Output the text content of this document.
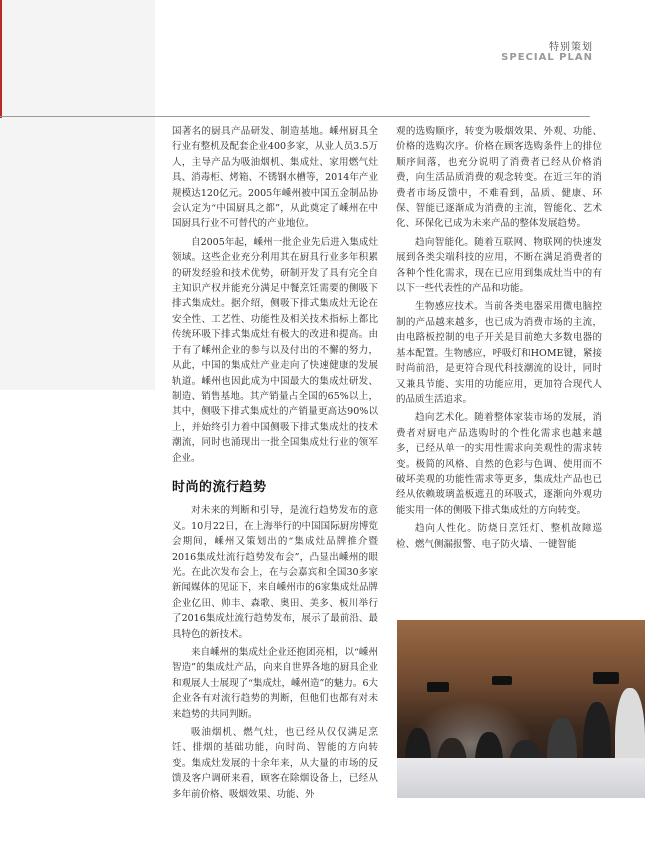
特别策划
SPECIAL PLAN

国著名的厨具产品研发、制造基地。嵊州厨具全行业有整机及配套企业400多家，从业人员3.5万人，主导产品为吸油烟机、集成灶、家用燃气灶具、消毒柜、烤箱、不锈钢水槽等，2014年产业规模达120亿元。2005年嵊州被中国五金制品协会认定为“中国厨具之都”，从此奠定了嵊州在中国厨具行业不可替代的产业地位。

自2005年起，嵊州一批企业先后进入集成灶领域。这些企业充分利用其在厨具行业多年积累的研发经验和技术优势，研制开发了具有完全自主知识产权并能充分满足中餐烹饪需要的侧吸下排式集成灶。据介绍，侧吸下排式集成灶无论在安全性、工艺性、功能性及相关技术指标上都比传统环吸下排式集成灶有极大的改进和提高。由于有了嵊州企业的参与以及付出的不懈的努力，从此，中国的集成灶产业走向了快速健康的发展轨道。嵊州也因此成为中国最大的集成灶研发、制造、销售基地。其产销量占全国的65%以上，其中，侧吸下排式集成灶的产销量更高达90%以上，并始终引力着中国侧吸下排式集成灶的技术潮流，同时也涌现出一批全国集成灶行业的领军企业。

时尚的流行趋势

对未来的判断和引导，是流行趋势发布的意义。10月22日，在上海举行的中国国际厨房博览会期间，嵊州又策划出的“集成灶品牌推介暨2016集成灶流行趋势发布会”，凸显出嵊州的眼光。在此次发布会上，在与会嘉宾和全国30多家新闻媒体的见证下，来自嵊州市的6家集成灶品牌企业亿田、帅丰、森歌、奥田、美多、板川举行了2016集成灶流行趋势发布，展示了最前沿、最具特色的新技术。

来自嵊州的集成灶企业还抱团亮相，以“嵊州智造”的集成灶产品，向来自世界各地的厨具企业和观展人士展现了“集成灶，嵊州造”的魅力。6大企业各有对流行趋势的判断，但他们也都有对未来趋势的共同判断。

吸油烟机、燃气灶，也已经从仅仅满足烹饪、排烟的基础功能，向时尚、智能的方向转变。集成灶发展的十余年来，从大量的市场的反馈及客户调研来看，顾客在除烟设备上，已经从多年前价格、吸烟效果、功能、外

观的选购顺序，转变为吸烟效果、外观、功能、价格的选购次序。价格在顾客选购条件上的排位顺序间落，也充分说明了消费者已经从价格消费，向生活品质消费的观念转变。在近三年的消费者市场反馈中，不难看到，品质、健康、环保、智能已逐渐成为消费的主流，智能化、艺术化、环保化已成为未来产品的整体发展趋势。

趋向智能化。随着互联网、物联网的快速发展到各类尖端科技的应用，不断在满足消费者的各种个性化需求，现在已应用到集成灶当中的有以下一些代表性的产品和功能。

生物感应技术。当前各类电器采用微电脑控制的产品越来越多，也已成为消费市场的主流，由电路板控制的电子开关是目前绝大多数电器的基本配置。生物感应，呼吸灯和HOME键，紧接时尚前沿，是更符合现代科技潮流的设计，同时又兼具节能、实用的功能应用，更加符合现代人的品质生活追求。

趋向艺术化。随着整体家装市场的发展，消费者对厨电产品选购时的个性化需求也越来越多，已经从单一的实用性需求向美观性的需求转变。极简的风格、自然的色彩与色调、使用而不破坏美观的功能性需求等更多，集成灶产品也已经从依赖玻璃盖板遮丑的环吸式，逐渐向外观功能实用一体的侧吸下排式集成灶的方向转变。

趋向人性化。防烧日烹饪灯、整机故障巡检、燃气侧漏报警、电子防火墙、一键智能
